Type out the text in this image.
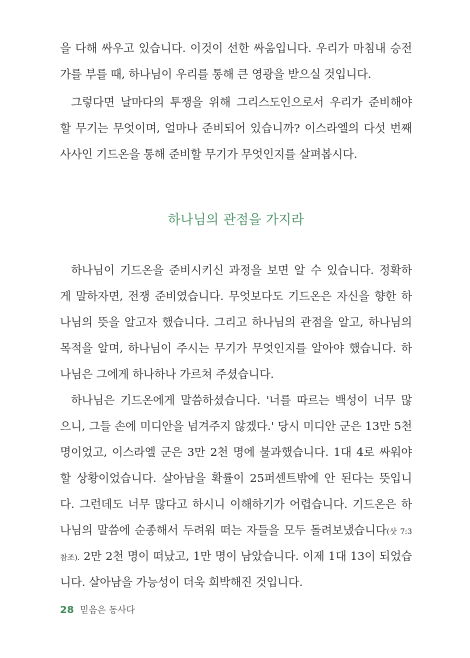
을 다해 싸우고 있습니다. 이것이 선한 싸움입니다. 우리가 마침내 승전
가를 부를 때, 하나님이 우리를 통해 큰 영광을 받으실 것입니다.
그렇다면 날마다의 투쟁을 위해 그리스도인으로서 우리가 준비해야
할 무기는 무엇이며, 얼마나 준비되어 있습니까? 이스라엘의 다섯 번째
사사인 기드온을 통해 준비할 무기가 무엇인지를 살펴봅시다.
하나님의 관점을 가지라
하나님이 기드온을 준비시키신 과정을 보면 알 수 있습니다. 정확하
게 말하자면, 전쟁 준비였습니다. 무엇보다도 기드온은 자신을 향한 하
나님의 뜻을 알고자 했습니다. 그리고 하나님의 관점을 알고, 하나님의
목적을 알며, 하나님이 주시는 무기가 무엇인지를 알아야 했습니다. 하
나님은 그에게 하나하나 가르쳐 주셨습니다.
하나님은 기드온에게 말씀하셨습니다. '너를 따르는 백성이 너무 많
으니, 그들 손에 미디안을 넘겨주지 않겠다.' 당시 미디안 군은 13만 5천
명이었고, 이스라엘 군은 3만 2천 명에 불과했습니다. 1대 4로 싸워야
할 상황이었습니다. 살아남을 확률이 25퍼센트밖에 안 된다는 뜻입니
다. 그런데도 너무 많다고 하시니 이해하기가 어렵습니다. 기드온은 하
나님의 말씀에 순종해서 두려워 떠는 자들을 모두 돌려보냈습니다(삿 7:3
참조). 2만 2천 명이 떠났고, 1만 명이 남았습니다. 이제 1대 13이 되었습
니다. 살아남을 가능성이 더욱 희박해진 것입니다.
28 믿음은 동사다
